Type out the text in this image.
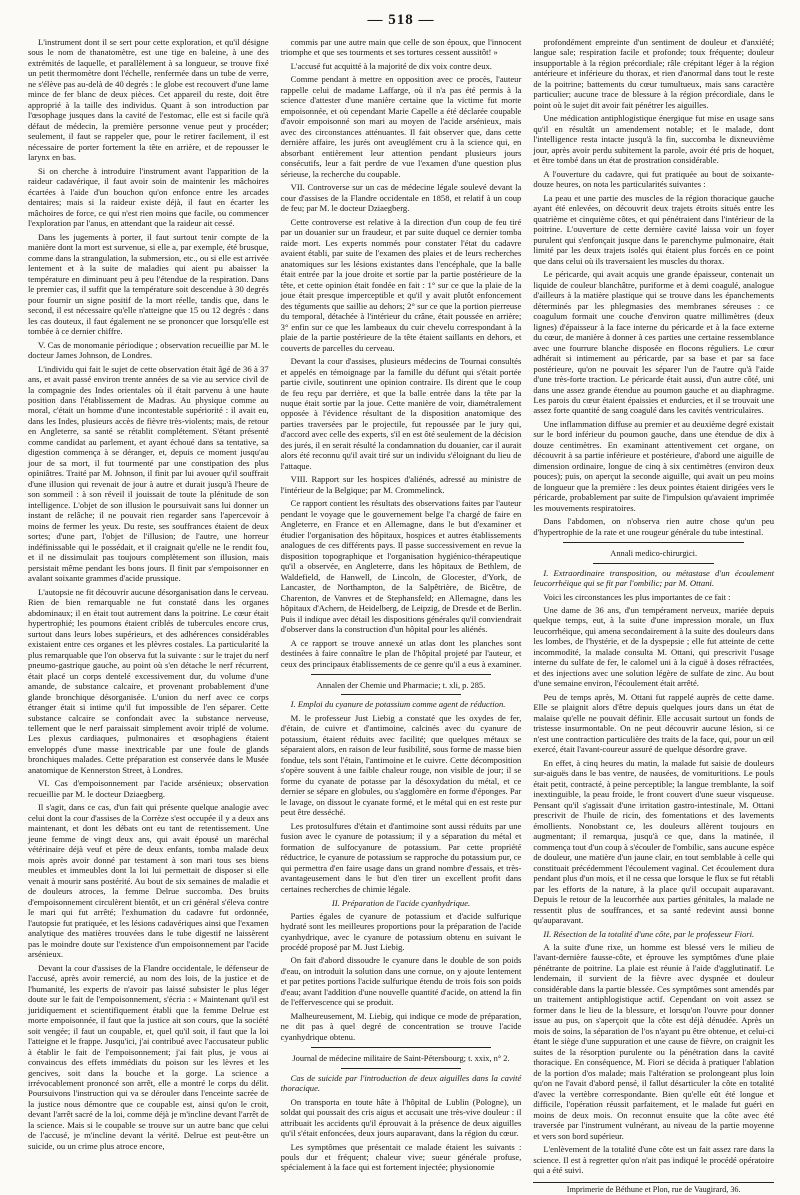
— 518 —

L'instrument dont il se sert pour cette exploration, et qu'il désigne sous le nom de thanatomètre, est une tige en baleine, à une des extrémités de laquelle, et parallèlement à sa longueur, se trouve fixé un petit thermomètre dont l'échelle, renfermée dans un tube de verre, ne s'élève pas au-delà de 40 degrés : le globe est recouvert d'une lame mince de fer blanc de deux pièces. Cet appareil du reste, doit être approprié à la taille des individus. Quant à son introduction par l'œsophage jusques dans la cavité de l'estomac, elle est si facile qu'à défaut de médecin, la première personne venue peut y procéder; seulement, il faut se rappeler que, pour le retirer facilement, il est nécessaire de porter fortement la tête en arrière, et de repousser le larynx en bas.

Si on cherche à introduire l'instrument avant l'apparition de la raideur cadavérique, il faut avoir soin de maintenir les mâchoires écartées à l'aide d'un bouchon qu'on enfonce entre les arcades dentaires; mais si la raideur existe déjà, il faut en écarter les mâchoires de force, ce qui n'est rien moins que facile, ou commencer l'exploration par l'anus, en attendant que la raideur ait cessé.

Dans les jugements à porter, il faut surtout tenir compte de la manière dont la mort est survenue, si elle a, par exemple, été brusque, comme dans la strangulation, la submersion, etc., ou si elle est arrivée lentement et à la suite de maladies qui aient pu abaisser la température en diminuant peu à peu l'étendue de la respiration. Dans le premier cas, il suffit que la température soit descendue à 30 degrés pour fournir un signe positif de la mort réelle, tandis que, dans le second, il est nécessaire qu'elle n'atteigne que 15 ou 12 degrés : dans les cas douteux, il faut également ne se prononcer que lorsqu'elle est tombée à ce dernier chiffre.

V. Cas de monomanie périodique ; observation recueillie par M. le docteur James Johnson, de Londres.

L'individu qui fait le sujet de cette observation était âgé de 36 à 37 ans, et avait passé environ trente années de sa vie au service civil de la compagnie des Indes orientales où il était parvenu à une haute position dans l'établissement de Madras. Au physique comme au moral, c'était un homme d'une incontestable supériorité : il avait eu, dans les Indes, plusieurs accès de fièvre très-violents; mais, de retour en Angleterre, sa santé se rétablit complétement. S'étant présenté comme candidat au parlement, et ayant échoué dans sa tentative, sa digestion commença à se déranger, et, depuis ce moment jusqu'au jour de sa mort, il fut tourmenté par une constipation des plus opiniâtres. Traité par M. Johnson, il finit par lui avouer qu'il souffrait d'une illusion qui revenait de jour à autre et durait jusqu'à l'heure de son sommeil : à son réveil il jouissait de toute la plénitude de son intelligence. L'objet de son illusion le poursuivait sans lui donner un instant de relâche; il ne pouvait rien regarder sans l'apercevoir à moins de fermer les yeux. Du reste, ses souffrances étaient de deux sortes; d'une part, l'objet de l'illusion; de l'autre, une horreur indéfinissable qui le possédait, et il craignait qu'elle ne le rendit fou, et il ne dissimulait pas toujours complètement son illusion, mais persistait même pendant les bons jours. Il finit par s'empoisonner en avalant soixante grammes d'acide prussique.

L'autopsie ne fit découvrir aucune désorganisation dans le cerveau. Rien de bien remarquable ne fut constaté dans les organes abdominaux; il en était tout autrement dans la poitrine. Le cœur était hypertrophié; les poumons étaient criblés de tubercules encore crus, surtout dans leurs lobes supérieurs, et des adhérences considérables existaient entre ces organes et les plèvres costales. La particularité la plus remarquable que l'on observa fut la suivante : sur le trajet du nerf pneumo-gastrique gauche, au point où s'en détache le nerf récurrent, était placé un corps dentelé excessivement dur, du volume d'une amande, de substance calcaire, et provenant probablement d'une glande bronchique désorganisée. L'union du nerf avec ce corps étranger était si intime qu'il fut impossible de l'en séparer. Cette substance calcaire se confondait avec la substance nerveuse, tellement que le nerf paraissait simplement avoir triplé de volume. Les plexus cardiaques, pulmonaires et œsophagiens étaient enveloppés d'une masse inextricable par une foule de glands bronchiques malades. Cette préparation est conservée dans le Musée anatomique de Kennerston Street, à Londres.

VI. Cas d'empoisonnement par l'acide arsénieux; observation recueillie par M. le docteur Dziaegberg.

Il s'agit, dans ce cas, d'un fait qui présente quelque analogie avec celui dont la cour d'assises de la Corrèze s'est occupée il y a deux ans maintenant, et dont les débats ont eu tant de retentissement. Une jeune femme de vingt deux ans, qui avait épousé un maréchal vétérinaire déjà veuf et père de deux enfants, tomba malade deux mois après avoir donné par testament à son mari tous ses biens meubles et immeubles dont la loi lui permettait de disposer si elle venait à mourir sans postérité. Au bout de six semaines de maladie et de douleurs atroces, la femme Delrue succomba. Des bruits d'empoisonnement circulèrent bientôt, et un cri général s'éleva contre le mari qui fut arrêté; l'exhumation du cadavre fut ordonnée, l'autopsie fut pratiquée, et les lésions cadavériques ainsi que l'examen analytique des matières trouvées dans le tube digestif ne laissèrent pas le moindre doute sur l'existence d'un empoisonnement par l'acide arsénieux.

Devant la cour d'assises de la Flandre occidentale, le défenseur de l'accusé, après avoir remercié, au nom des lois, de la justice et de l'humanité, les experts de n'avoir pas laissé subsister le plus léger doute sur le fait de l'empoisonnement, s'écria : « Maintenant qu'il est juridiquement et scientifiquement établi que la femme Delrue est morte empoisonnée, il faut que la justice ait son cours, que la société soit vengée; il faut un coupable, et, quel qu'il soit, il faut que la loi l'atteigne et le frappe. Jusqu'ici, j'ai contribué avec l'accusateur public à établir le fait de l'empoisonnement; j'ai fait plus, je vous ai convaincus des effets immédiats du poison sur les lèvres et les gencives, soit dans la bouche et la gorge. La science a irrévocablement prononcé son arrêt, elle a montré le corps du délit. Poursuivons l'instruction qui va se dérouler dans l'enceinte sacrée de la justice nous démontre que ce coupable est, ainsi qu'on le croit, devant l'arrêt sacré de la loi, comme déjà je m'incline devant l'arrêt de la science. Mais si le coupable se trouve sur un autre banc que celui de l'accusé, je m'incline devant la vérité. Delrue est peut-être un suicide, ou un crime plus atroce encore,

commis par une autre main que celle de son époux, que l'innocent triomphe et que ses tourments et ses tortures cessent aussitôt! »

L'accusé fut acquitté à la majorité de dix voix contre deux.

Comme pendant à mettre en opposition avec ce procès, l'auteur rappelle celui de madame Laffarge, où il n'a pas été permis à la science d'attester d'une manière certaine que la victime fut morte empoisonnée, et où cependant Marie Capelle a été déclarée coupable d'avoir empoisonné son mari au moyen de l'acide arsénieux, mais avec des circonstances atténuantes. Il fait observer que, dans cette dernière affaire, les jurés ont aveuglément cru à la science qui, en absorbant entièrement leur attention pendant plusieurs jours consécutifs, leur a fait perdre de vue l'examen d'une question plus sérieuse, la recherche du coupable.

VII. Controverse sur un cas de médecine légale soulevé devant la cour d'assises de la Flandre occidentale en 1858, et relatif à un coup de feu; par M. le docteur Dziaegberg.

Cette controverse est relative à la direction d'un coup de feu tiré par un douanier sur un fraudeur, et par suite duquel ce dernier tomba raide mort. Les experts nommés pour constater l'état du cadavre avaient établi, par suite de l'examen des plaies et de leurs recherches anatomiques sur les lésions existantes dans l'encéphale, que la balle était entrée par la joue droite et sortie par la partie postérieure de la tête, et cette opinion était fondée en fait : 1° sur ce que la plaie de la joue était presque imperceptible et qu'il y avait plutôt enfoncement des téguments que saillie au dehors; 2° sur ce que la portion pierreuse du temporal, détachée à l'intérieur du crâne, était poussée en arrière; 3° enfin sur ce que les lambeaux du cuir chevelu correspondant à la plaie de la partie postérieure de la tête étaient saillants en dehors, et couverts de parcelles du cerveau.

Devant la cour d'assises, plusieurs médecins de Tournai consultés et appelés en témoignage par la famille du défunt qui s'était portée partie civile, soutinrent une opinion contraire. Ils dirent que le coup de feu reçu par derrière, et que la balle entrée dans la tête par la nuque était sortie par la joue. Cette manière de voir, diamétralement opposée à l'évidence résultant de la disposition anatomique des parties traversées par le projectile, fut repoussée par le jury qui, d'accord avec celle des experts, s'il en est ôté seulement de la décision des jurés, il en serait résulté la condamnation du douanier, car il aurait alors été reconnu qu'il avait tiré sur un individu s'éloignant du lieu de l'attaque.

VIII. Rapport sur les hospices d'aliénés, adressé au ministre de l'intérieur de la Belgique; par M. Crommelinck.

Ce rapport contient les résultats des observations faites par l'auteur pendant le voyage que le gouvernement belge l'a chargé de faire en Angleterre, en France et en Allemagne, dans le but d'examiner et étudier l'organisation des hôpitaux, hospices et autres établissements analogues de ces différents pays. Il passe successivement en revue la disposition topographique et l'organisation hygiénico-thérapeutique qu'il a observée, en Angleterre, dans les hôpitaux de Bethlem, de Waldefield, de Hanwell, de Lincoln, de Glocester, d'York, de Lancaster, de Northampton, de la Salpêtrière, de Bicêtre, de Charenton, de Vanvres et de Stephansfeld; en Allemagne, dans les hôpitaux d'Achern, de Heidelberg, de Leipzig, de Dresde et de Berlin. Puis il indique avec détail les dispositions générales qu'il conviendrait d'observer dans la construction d'un hôpital pour les aliénés.

A ce rapport se trouve annexé un atlas dont les planches sont destinées à faire connaître le plan de l'hôpital projeté par l'auteur, et ceux des principaux établissements de ce genre qu'il a eus à examiner.

Annalen der Chemie und Pharmacie; t. xli, p. 285.

I. Emploi du cyanure de potassium comme agent de réduction.

M. le professeur Just Liebig a constaté que les oxydes de fer, d'étain, de cuivre et d'antimoine, calcinés avec du cyanure de potassium, étaient réduits avec facilité; que quelques métaux se séparaient alors, en raison de leur fusibilité, sous forme de masse bien fondue, tels sont l'étain, l'antimoine et le cuivre. Cette décomposition s'opère souvent à une faible chaleur rouge, non visible de jour; il se forme du cyanate de potasse par la désoxydation du métal, et ce dernier se sépare en globules, ou s'agglomère en forme d'éponges. Par le lavage, on dissout le cyanate formé, et le métal qui en est reste pur peut être desséché.

Les protosulfures d'étain et d'antimoine sont aussi réduits par une fusion avec le cyanure de potassium; il y a séparation du métal et formation de sulfocyanure de potassium. Par cette propriété réductrice, le cyanure de potassium se rapproche du potassium pur, ce qui permettra d'en faire usage dans un grand nombre d'essais, et très-avantageusement dans le but d'en tirer un excellent profit dans certaines recherches de chimie légale.

II. Préparation de l'acide cyanhydrique.

Parties égales de cyanure de potassium et d'acide sulfurique hydraté sont les meilleures proportions pour la préparation de l'acide cyanhydrique, avec le cyanure de potassium obtenu en suivant le procédé proposé par M. Just Liebig.

On fait d'abord dissoudre le cyanure dans le double de son poids d'eau, on introduit la solution dans une cornue, on y ajoute lentement et par petites portions l'acide sulfurique étendu de trois fois son poids d'eau; avant l'addition d'une nouvelle quantité d'acide, on attend la fin de l'effervescence qui se produit.

Malheureusement, M. Liebig, qui indique ce mode de préparation, ne dit pas à quel degré de concentration se trouve l'acide cyanhydrique obtenu.

Journal de médecine militaire de Saint-Pétersbourg; t. xxix, n° 2.

Cas de suicide par l'introduction de deux aiguilles dans la cavité thoracique.

On transporta en toute hâte à l'hôpital de Lublin (Pologne), un soldat qui poussait des cris aigus et accusait une très-vive douleur : il attribuait les accidents qu'il éprouvait à la présence de deux aiguilles qu'il s'était enfoncées, deux jours auparavant, dans la région du cœur.

Les symptômes que présentait ce malade étaient les suivants : pouls dur et fréquent; chaleur vive; sueur générale profuse, spécialement à la face qui est fortement injectée; physionomie

profondément empreinte d'un sentiment de douleur et d'anxiété; langue sale; respiration facile et profonde; toux fréquente; douleur insupportable à la région précordiale; râle crépitant léger à la région antérieure et inférieure du thorax, et rien d'anormal dans tout le reste de la poitrine; battements du cœur tumultueux, mais sans caractère particulier; aucune trace de blessure à la région précordiale, dans le point où le sujet dit avoir fait pénétrer les aiguilles.

Une médication antiphlogistique énergique fut mise en usage sans qu'il en résultât un amendement notable; et le malade, dont l'intelligence resta intacte jusqu'à la fin, succomba le dixneuvième jour, après avoir perdu subitement la parole, avoir été pris de hoquet, et être tombé dans un état de prostration considérable.

A l'ouverture du cadavre, qui fut pratiquée au bout de soixante-douze heures, on nota les particularités suivantes :

La peau et une partie des muscles de la région thoracique gauche ayant été enlevées, on découvrit deux trajets étroits situés entre les quatrième et cinquième côtes, et qui pénétraient dans l'intérieur de la poitrine. L'ouverture de cette dernière cavité laissa voir un foyer purulent qui s'enfonçait jusque dans le parenchyme pulmonaire, était limité par les deux trajets isolés qui étaient plus forcés en ce point que dans celui où ils traversaient les muscles du thorax.

Le péricarde, qui avait acquis une grande épaisseur, contenait un liquide de couleur blanchâtre, puriforme et à demi coagulé, analogue d'ailleurs à la matière plastique qui se trouve dans les épanchements déterminés par les phlegmasies des membranes séreuses : ce coagulum formait une couche d'environ quatre millimètres (deux lignes) d'épaisseur à la face interne du péricarde et à la face externe du cœur, de manière à donner à ces parties une certaine ressemblance avec une fourrure blanche disposée en flocons réguliers. Le cœur adhérait si intimement au péricarde, par sa base et par sa face postérieure, qu'on ne pouvait les séparer l'un de l'autre qu'à l'aide d'une très-forte traction. Le péricarde était aussi, d'un autre côté, uni dans une assez grande étendue au poumon gauche et au diaphragme. Les parois du cœur étaient épaissies et endurcies, et il se trouvait une assez forte quantité de sang coagulé dans les cavités ventriculaires.

Une inflammation diffuse au premier et au deuxième degré existait sur le bord inférieur du poumon gauche, dans une étendue de dix à douze centimètres. En examinant attentivement cet organe, on découvrit à sa partie inférieure et postérieure, d'abord une aiguille de dimension ordinaire, longue de cinq à six centimètres (environ deux pouces); puis, on aperçut la seconde aiguille, qui avait un peu moins de longueur que la première : les deux pointes étaient dirigées vers le péricarde, probablement par suite de l'impulsion qu'avaient imprimée les mouvements respiratoires.

Dans l'abdomen, on n'observa rien autre chose qu'un peu d'hypertrophie de la rate et une rougeur générale du tube intestinal.

Annali medico-chirurgici.

I. Extraordinaire transposition, ou métastase d'un écoulement leucorrhéique qui se fit par l'ombilic; par M. Ottani.

Voici les circonstances les plus importantes de ce fait :

Une dame de 36 ans, d'un tempérament nerveux, mariée depuis quelque temps, eut, à la suite d'une impression morale, un flux leucorrhéique, qui amena secondairement à la suite des douleurs dans les lombes, de l'hystérie, et de la dyspepsie ; elle fut atteinte de cette incommodité, la malade consulta M. Ottani, qui prescrivit l'usage interne du sulfate de fer, le calomel uni à la ciguë à doses réfractées, et des injections avec une solution légère de sulfate de zinc. Au bout d'une semaine environ, l'écoulement était arrêté.

Peu de temps après, M. Ottani fut rappelé auprès de cette dame. Elle se plaignit alors d'être depuis quelques jours dans un état de malaise qu'elle ne pouvait définir. Elle accusait surtout un fonds de tristesse insurmontable. On ne peut découvrir aucune lésion, si ce n'est une contraction particulière des traits de la face, qui, pour un œil exercé, était l'avant-coureur assuré de quelque désordre grave.

En effet, à cinq heures du matin, la malade fut saisie de douleurs sur-aiguës dans le bas ventre, de nausées, de vomituritions. Le pouls était petit, contracté, à peine perceptible; la langue tremblante, la soif inextinguible, la peau froide, le front couvert d'une sueur visqueuse. Pensant qu'il s'agissait d'une irritation gastro-intestinale, M. Ottani prescrivit de l'huile de ricin, des fomentations et des lavements émollients. Nonobstant ce, les douleurs allèrent toujours en augmentant; il remarqua, jusqu'à ce que, dans la matinée, il commença tout d'un coup à s'écouler de l'ombilic, sans aucune espèce de douleur, une matière d'un jaune clair, en tout semblable à celle qui constituait précédemment l'écoulement vaginal. Cet écoulement dura pendant plus d'un mois, et il ne cessa que lorsque le flux se fut rétabli par les efforts de la nature, à la place qu'il occupait auparavant. Depuis le retour de la leucorrhée aux parties génitales, la malade ne ressentit plus de souffrances, et sa santé redevint aussi bonne qu'auparavant.

II. Résection de la totalité d'une côte, par le professeur Fiori.

A la suite d'une rixe, un homme est blessé vers le milieu de l'avant-dernière fausse-côte, et éprouve les symptômes d'une plaie pénétrante de poitrine. La plaie est réunie à l'aide d'agglutinatif. Le lendemain, il survient de la fièvre avec dyspnée et douleur considérable dans la partie blessée. Ces symptômes sont amendés par un traitement antiphlogistique actif. Cependant on voit assez se former dans le lieu de la blessure, et lorsqu'on l'ouvre pour donner issue au pus, on s'aperçoit que la côte est déjà dénudée. Après un mois de soins, la séparation de l'os n'ayant pu être obtenue, et celui-ci étant le siège d'une suppuration et une cause de fièvre, on craignit les suites de la résorption purulente ou la pénétration dans la cavité thoracique. En conséquence, M. Fiori se décida à pratiquer l'ablation de la portion d'os malade; mais l'altération se prolongeant plus loin qu'on ne l'avait d'abord pensé, il fallut désarticuler la côte en totalité d'avec la vertèbre correspondante. Bien qu'elle eût été longue et difficile, l'opération réussit parfaitement, et le malade fut guéri en moins de deux mois. On reconnut ensuite que la côte avec été traversée par l'instrument vulnérant, au niveau de la partie moyenne et vers son bord supérieur.

L'enlèvement de la totalité d'une côte est un fait assez rare dans la science. Il est à regretter qu'on n'ait pas indiqué le procédé opératoire qui a été suivi.

Imprimerie de Béthune et Plon, rue de Vaugirard, 36.
